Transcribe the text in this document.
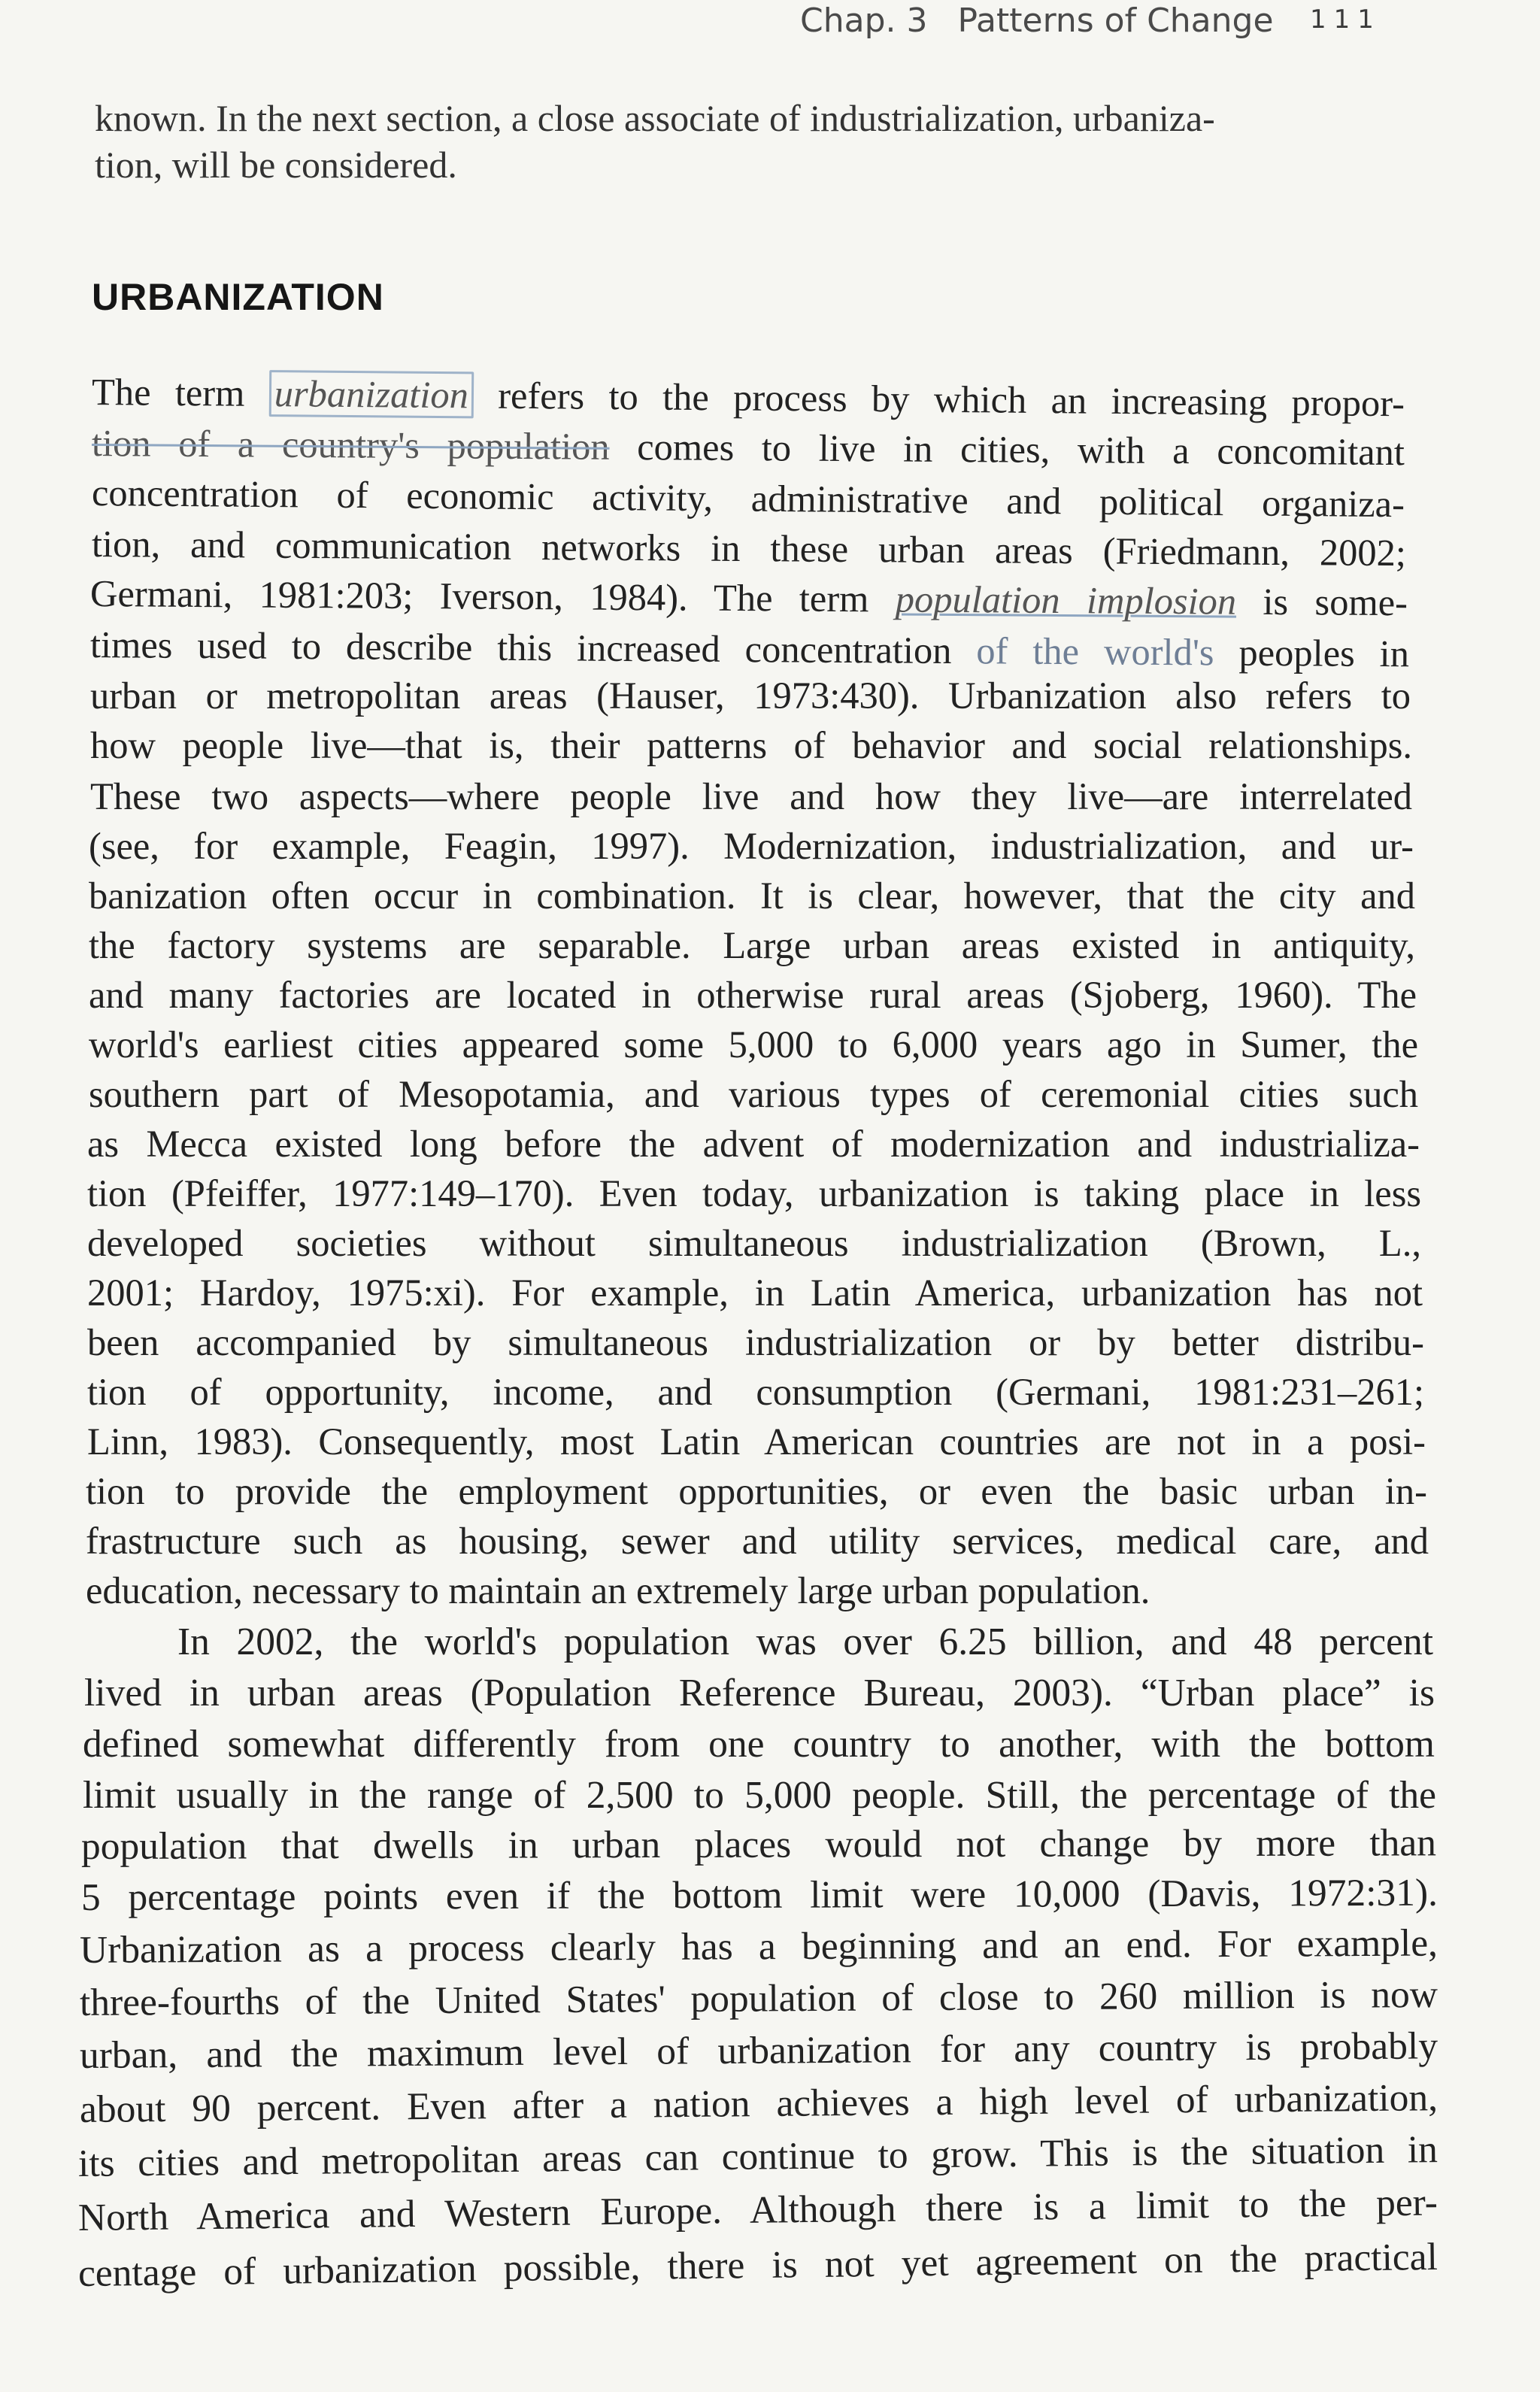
Chap. 3 Patterns of Change 111
known. In the next section, a close associate of industrialization, urbaniza-
tion, will be considered.
URBANIZATION
The term urbanization refers to the process by which an increasing propor-
tion of a country's population comes to live in cities, with a concomitant
concentration of economic activity, administrative and political organiza-
tion, and communication networks in these urban areas (Friedmann, 2002;
Germani, 1981:203; Iverson, 1984). The term population implosion is some-
times used to describe this increased concentration of the world's peoples in
urban or metropolitan areas (Hauser, 1973:430). Urbanization also refers to
how people live—that is, their patterns of behavior and social relationships.
These two aspects—where people live and how they live—are interrelated
(see, for example, Feagin, 1997). Modernization, industrialization, and ur-
banization often occur in combination. It is clear, however, that the city and
the factory systems are separable. Large urban areas existed in antiquity,
and many factories are located in otherwise rural areas (Sjoberg, 1960). The
world's earliest cities appeared some 5,000 to 6,000 years ago in Sumer, the
southern part of Mesopotamia, and various types of ceremonial cities such
as Mecca existed long before the advent of modernization and industrializa-
tion (Pfeiffer, 1977:149–170). Even today, urbanization is taking place in less
developed societies without simultaneous industrialization (Brown, L.,
2001; Hardoy, 1975:xi). For example, in Latin America, urbanization has not
been accompanied by simultaneous industrialization or by better distribu-
tion of opportunity, income, and consumption (Germani, 1981:231–261;
Linn, 1983). Consequently, most Latin American countries are not in a posi-
tion to provide the employment opportunities, or even the basic urban in-
frastructure such as housing, sewer and utility services, medical care, and
education, necessary to maintain an extremely large urban population.
In 2002, the world's population was over 6.25 billion, and 48 percent
lived in urban areas (Population Reference Bureau, 2003). “Urban place” is
defined somewhat differently from one country to another, with the bottom
limit usually in the range of 2,500 to 5,000 people. Still, the percentage of the
population that dwells in urban places would not change by more than
5 percentage points even if the bottom limit were 10,000 (Davis, 1972:31).
Urbanization as a process clearly has a beginning and an end. For example,
three-fourths of the United States' population of close to 260 million is now
urban, and the maximum level of urbanization for any country is probably
about 90 percent. Even after a nation achieves a high level of urbanization,
its cities and metropolitan areas can continue to grow. This is the situation in
North America and Western Europe. Although there is a limit to the per-
centage of urbanization possible, there is not yet agreement on the practical
